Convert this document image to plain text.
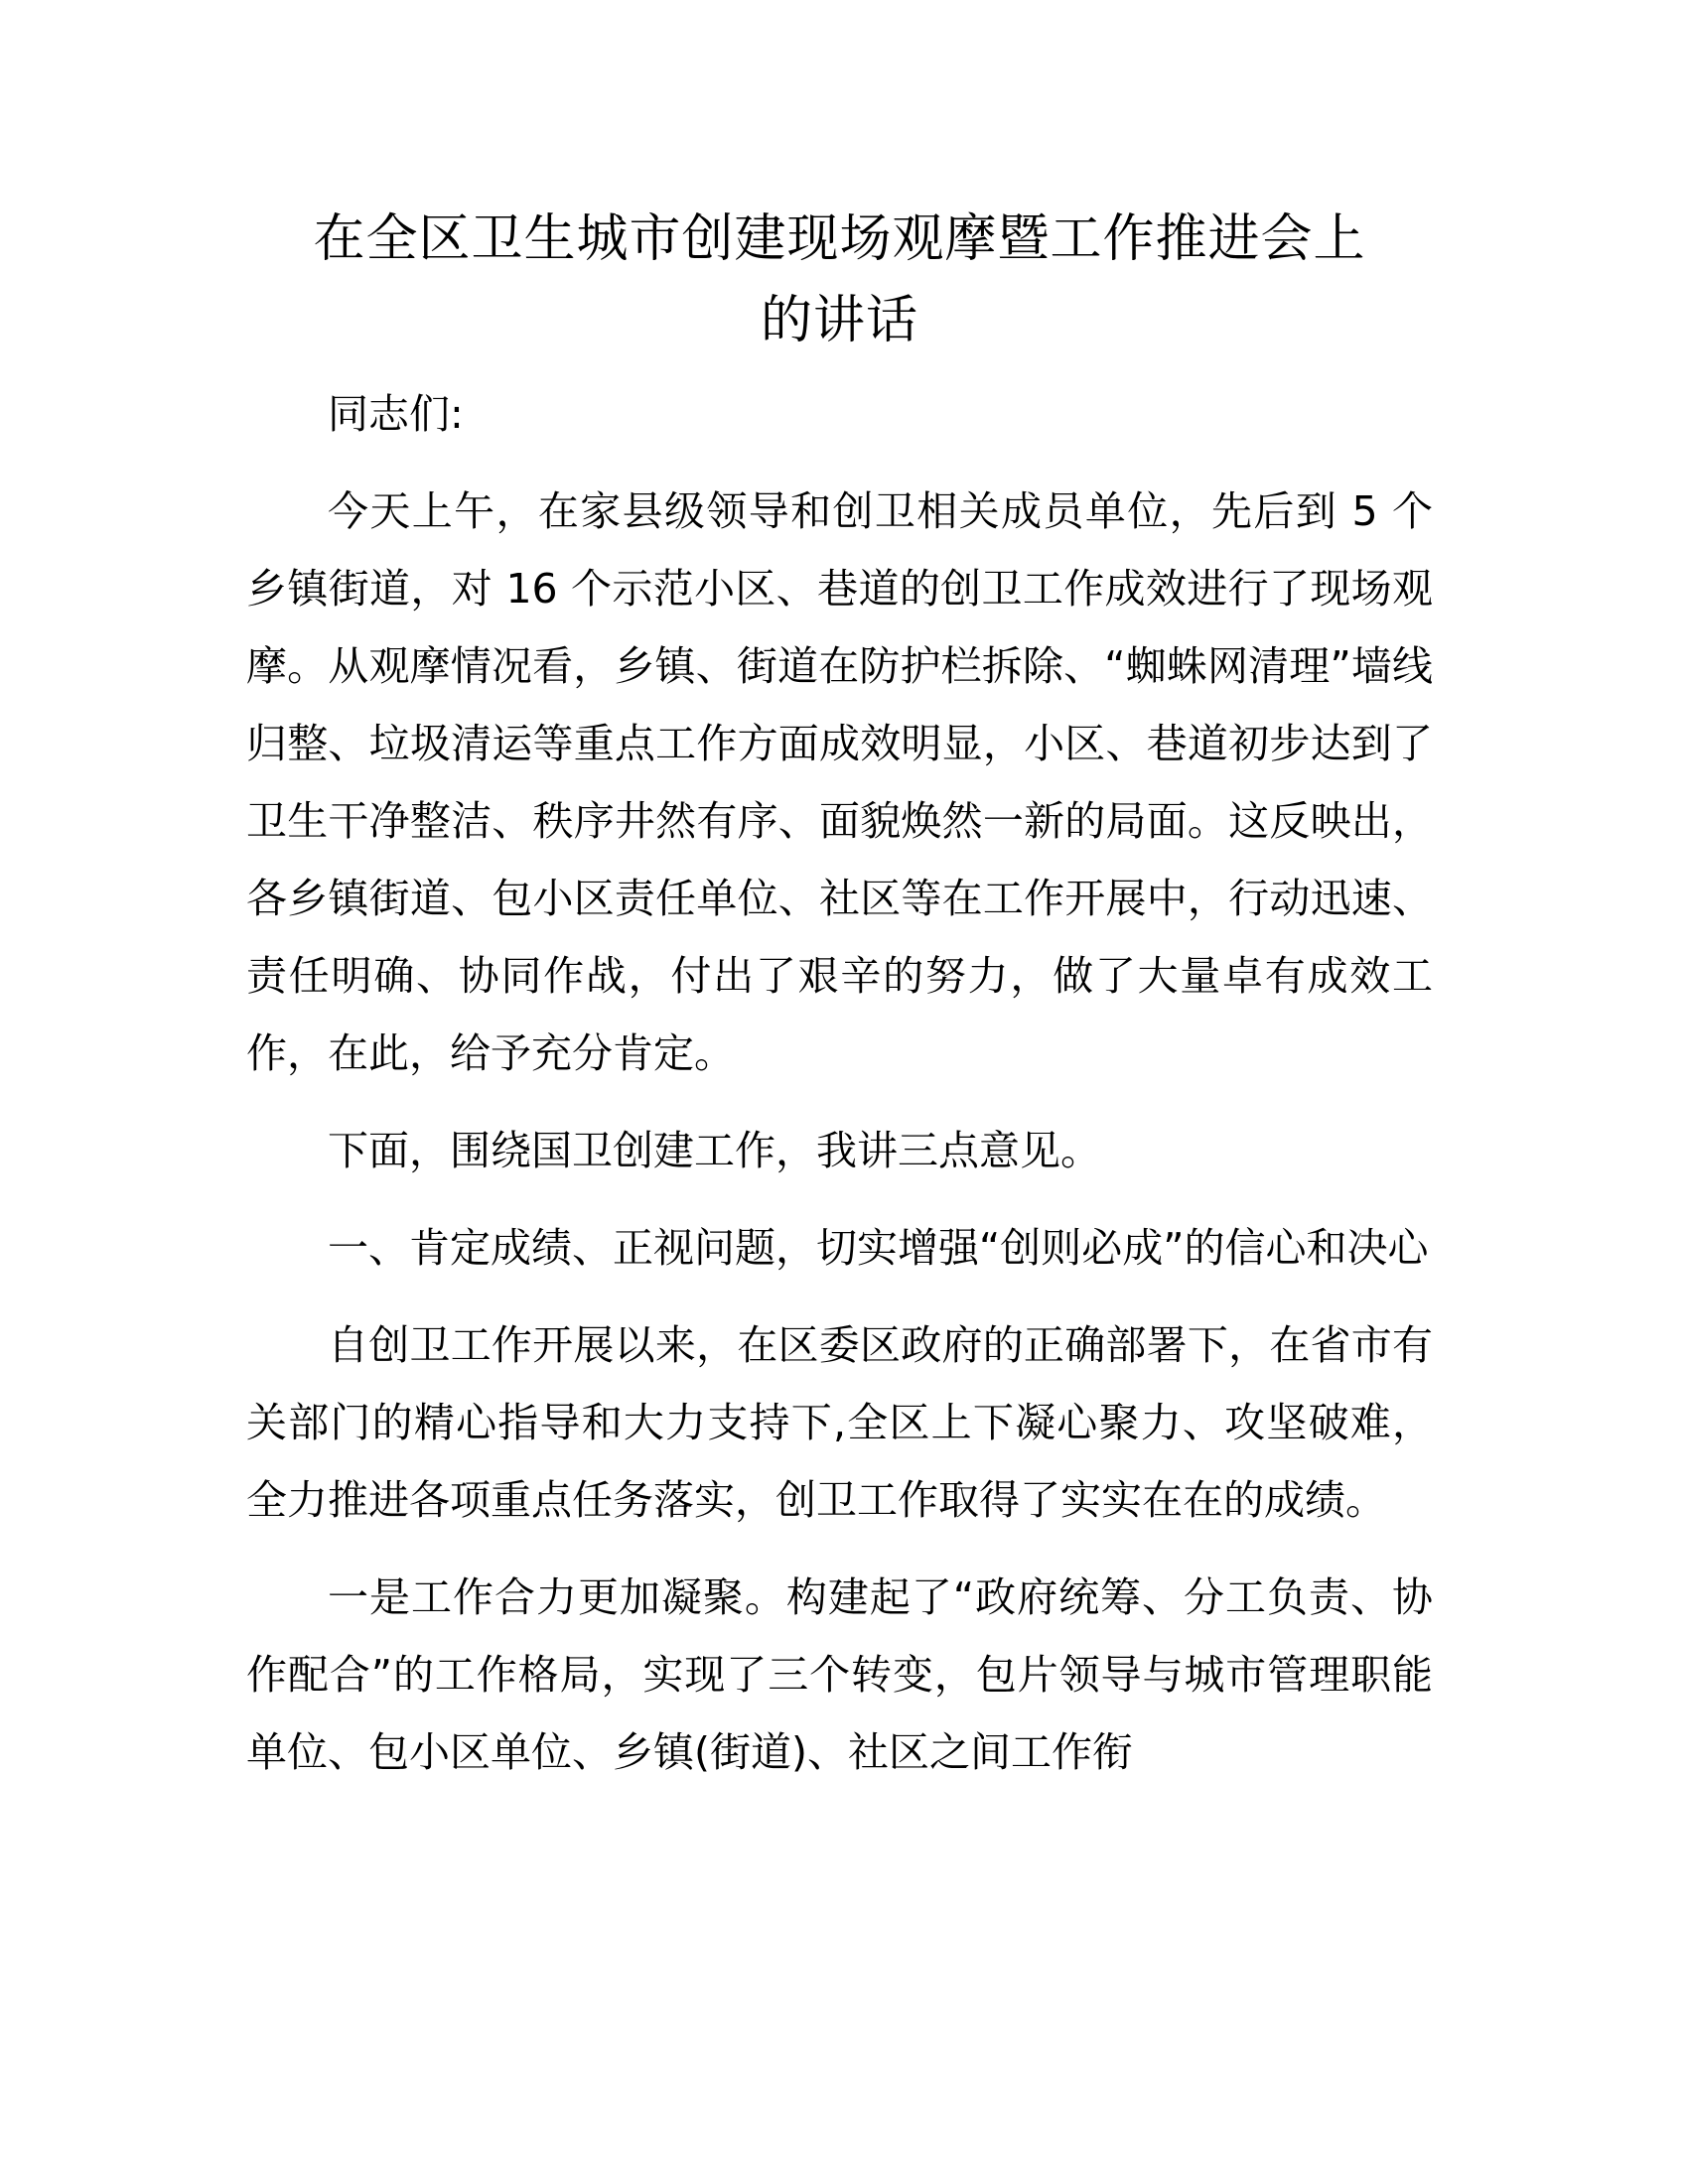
在全区卫生城市创建现场观摩暨工作推进会上
的讲话

同志们:

今天上午，在家县级领导和创卫相关成员单位，先后到 5 个乡镇街道，对 16 个示范小区、巷道的创卫工作成效进行了现场观摩。从观摩情况看，乡镇、街道在防护栏拆除、“蜘蛛网清理”墙线归整、垃圾清运等重点工作方面成效明显，小区、巷道初步达到了卫生干净整洁、秩序井然有序、面貌焕然一新的局面。这反映出，各乡镇街道、包小区责任单位、社区等在工作开展中，行动迅速、责任明确、协同作战，付出了艰辛的努力，做了大量卓有成效工作，在此，给予充分肯定。

下面，围绕国卫创建工作，我讲三点意见。

一、肯定成绩、正视问题，切实增强“创则必成”的信心和决心

自创卫工作开展以来，在区委区政府的正确部署下，在省市有关部门的精心指导和大力支持下,全区上下凝心聚力、攻坚破难，全力推进各项重点任务落实，创卫工作取得了实实在在的成绩。

一是工作合力更加凝聚。构建起了“政府统筹、分工负责、协作配合”的工作格局，实现了三个转变，包片领导与城市管理职能单位、包小区单位、乡镇(街道)、社区之间工作衔
